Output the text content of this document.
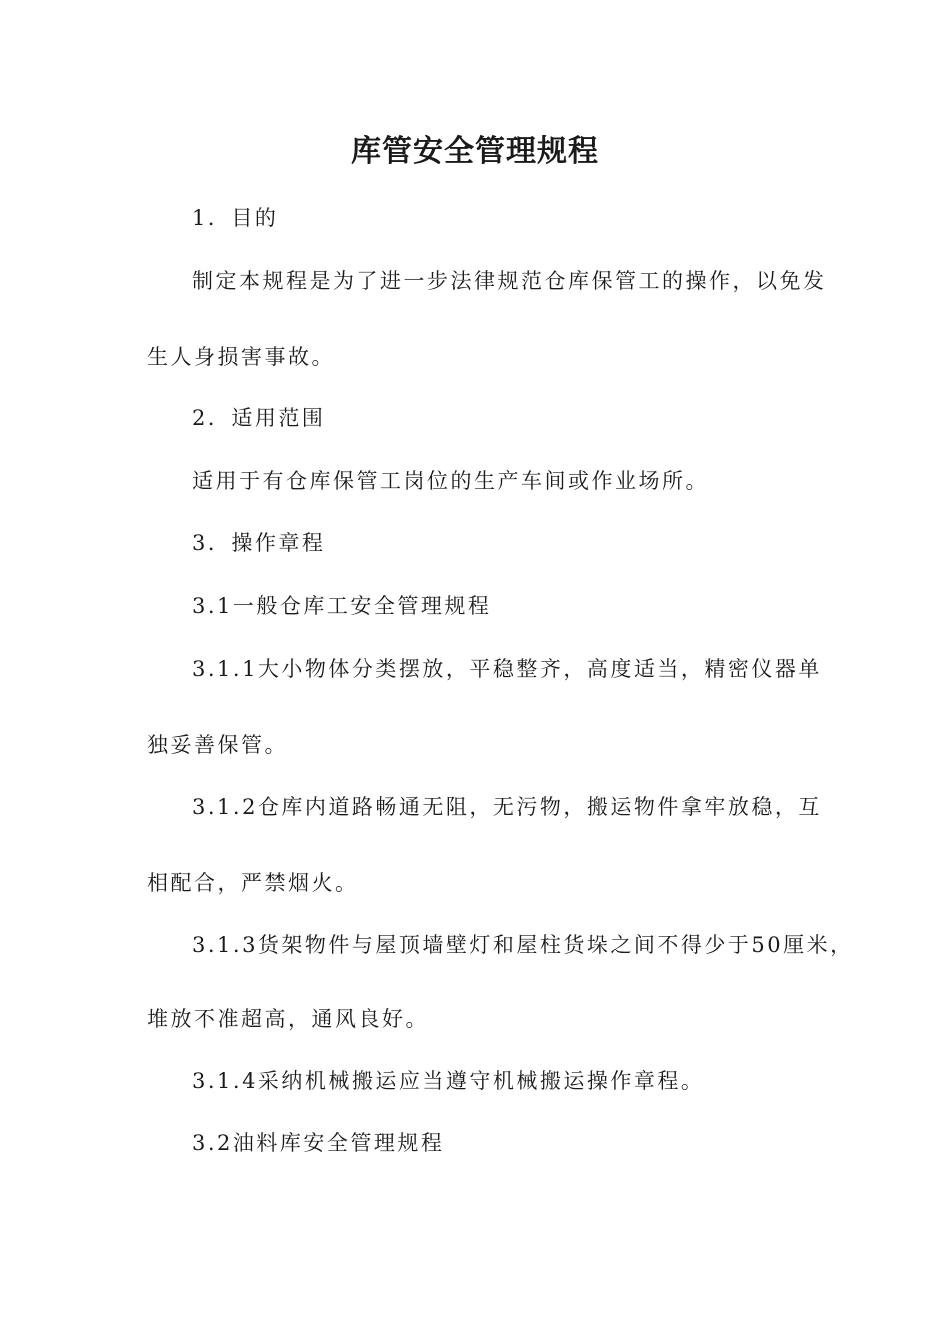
库管安全管理规程
1．目的
制定本规程是为了进一步法律规范仓库保管工的操作，以免发
生人身损害事故。
2．适用范围
适用于有仓库保管工岗位的生产车间或作业场所。
3．操作章程
3.1一般仓库工安全管理规程
3.1.1大小物体分类摆放，平稳整齐，高度适当，精密仪器单
独妥善保管。
3.1.2仓库内道路畅通无阻，无污物，搬运物件拿牢放稳，互
相配合，严禁烟火。
3.1.3货架物件与屋顶墙壁灯和屋柱货垛之间不得少于50厘米，
堆放不准超高，通风良好。
3.1.4采纳机械搬运应当遵守机械搬运操作章程。
3.2油料库安全管理规程
